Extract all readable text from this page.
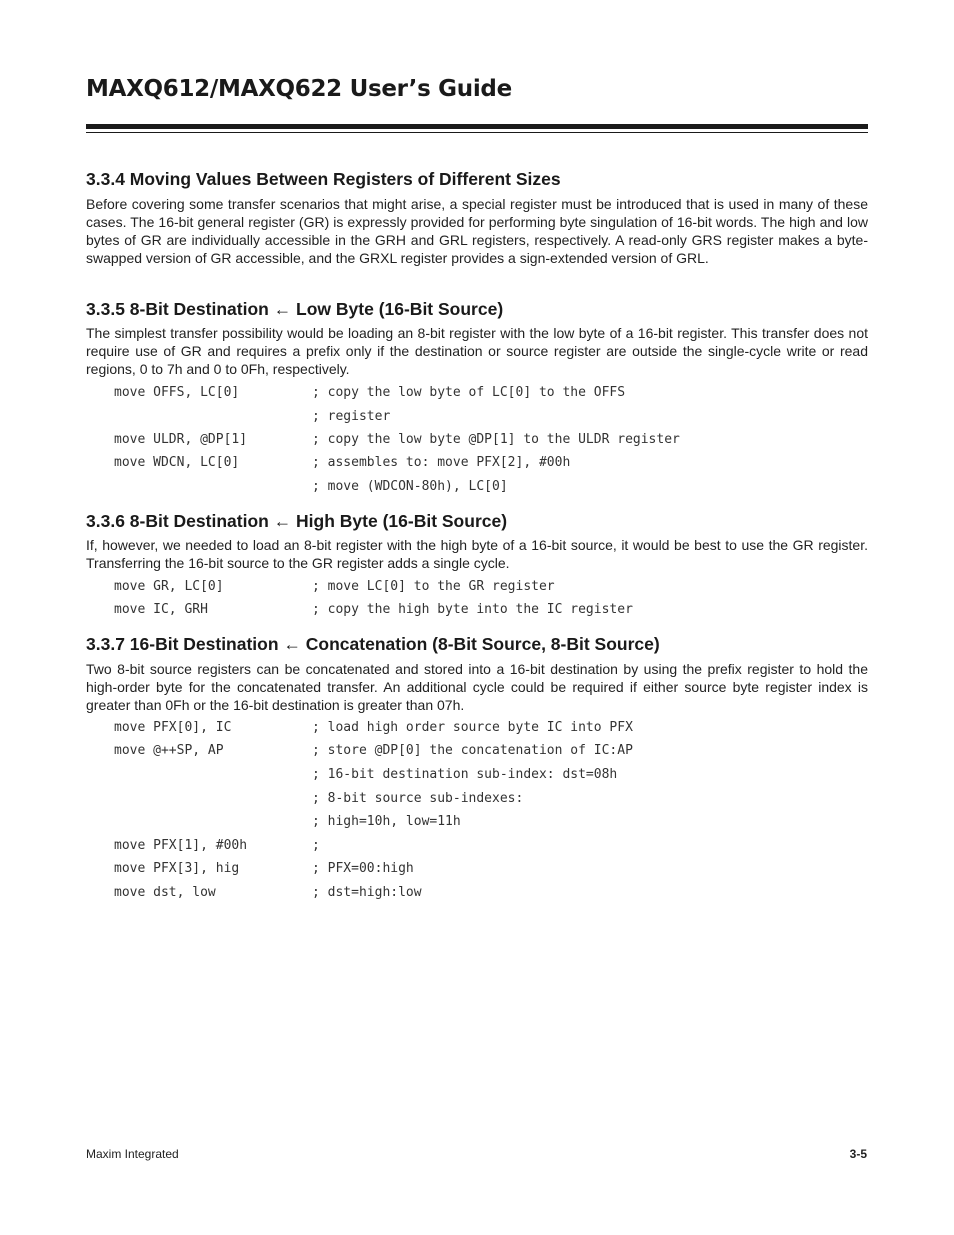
MAXQ612/MAXQ622 User’s Guide
3.3.4 Moving Values Between Registers of Different Sizes

Before covering some transfer scenarios that might arise, a special register must be introduced that is used in many of these cases. The 16-bit general register (GR) is expressly provided for performing byte singulation of 16-bit words. The high and low bytes of GR are individually accessible in the GRH and GRL registers, respectively. A read-only GRS register makes a byte-swapped version of GR accessible, and the GRXL register provides a sign-extended version of GRL.

3.3.5 8-Bit Destination ← Low Byte (16-Bit Source)

The simplest transfer possibility would be loading an 8-bit register with the low byte of a 16-bit register. This transfer does not require use of GR and requires a prefix only if the destination or source register are outside the single-cycle write or read regions, 0 to 7h and 0 to 0Fh, respectively.

move OFFS, LC[0]	; copy the low byte of LC[0] to the OFFS
; register
move ULDR, @DP[1]	; copy the low byte @DP[1] to the ULDR register
move WDCN, LC[0]	; assembles to: move PFX[2], #00h
; move (WDCON-80h), LC[0]
3.3.6 8-Bit Destination ← High Byte (16-Bit Source)

If, however, we needed to load an 8-bit register with the high byte of a 16-bit source, it would be best to use the GR register. Transferring the 16-bit source to the GR register adds a single cycle.

move GR, LC[0]	; move LC[0] to the GR register
move IC, GRH	; copy the high byte into the IC register
3.3.7 16-Bit Destination ← Concatenation (8-Bit Source, 8-Bit Source)

Two 8-bit source registers can be concatenated and stored into a 16-bit destination by using the prefix register to hold the high-order byte for the concatenated transfer. An additional cycle could be required if either source byte register index is greater than 0Fh or the 16-bit destination is greater than 07h.

move PFX[0], IC	; load high order source byte IC into PFX
move @++SP, AP	; store @DP[0] the concatenation of IC:AP
; 16-bit destination sub-index: dst=08h
; 8-bit source sub-indexes:
; high=10h, low=11h
move PFX[1], #00h	;
move PFX[3], hig	; PFX=00:high
move dst, low	; dst=high:low
Maxim Integrated	3-5
